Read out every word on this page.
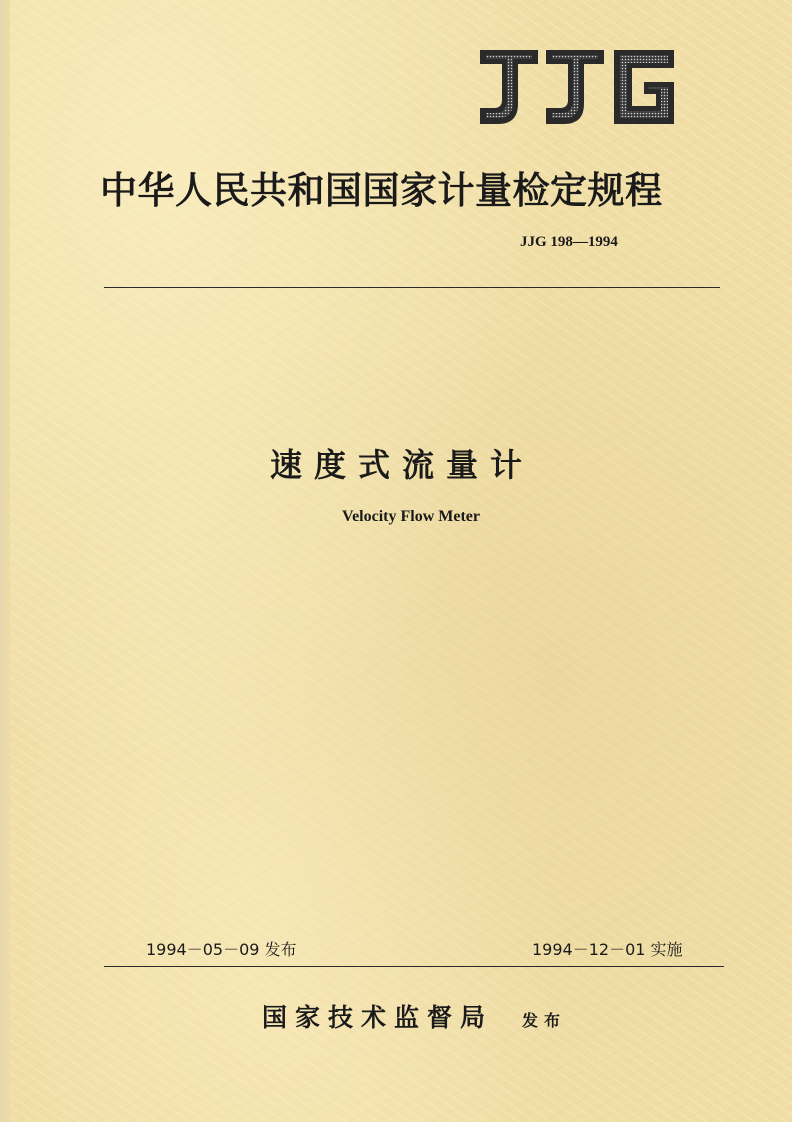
中华人民共和国国家计量检定规程
JJG 198—1994
速度式流量计
Velocity Flow Meter
1994－05－09 发布	1994－12－01 实施
国家技术监督局 发布
